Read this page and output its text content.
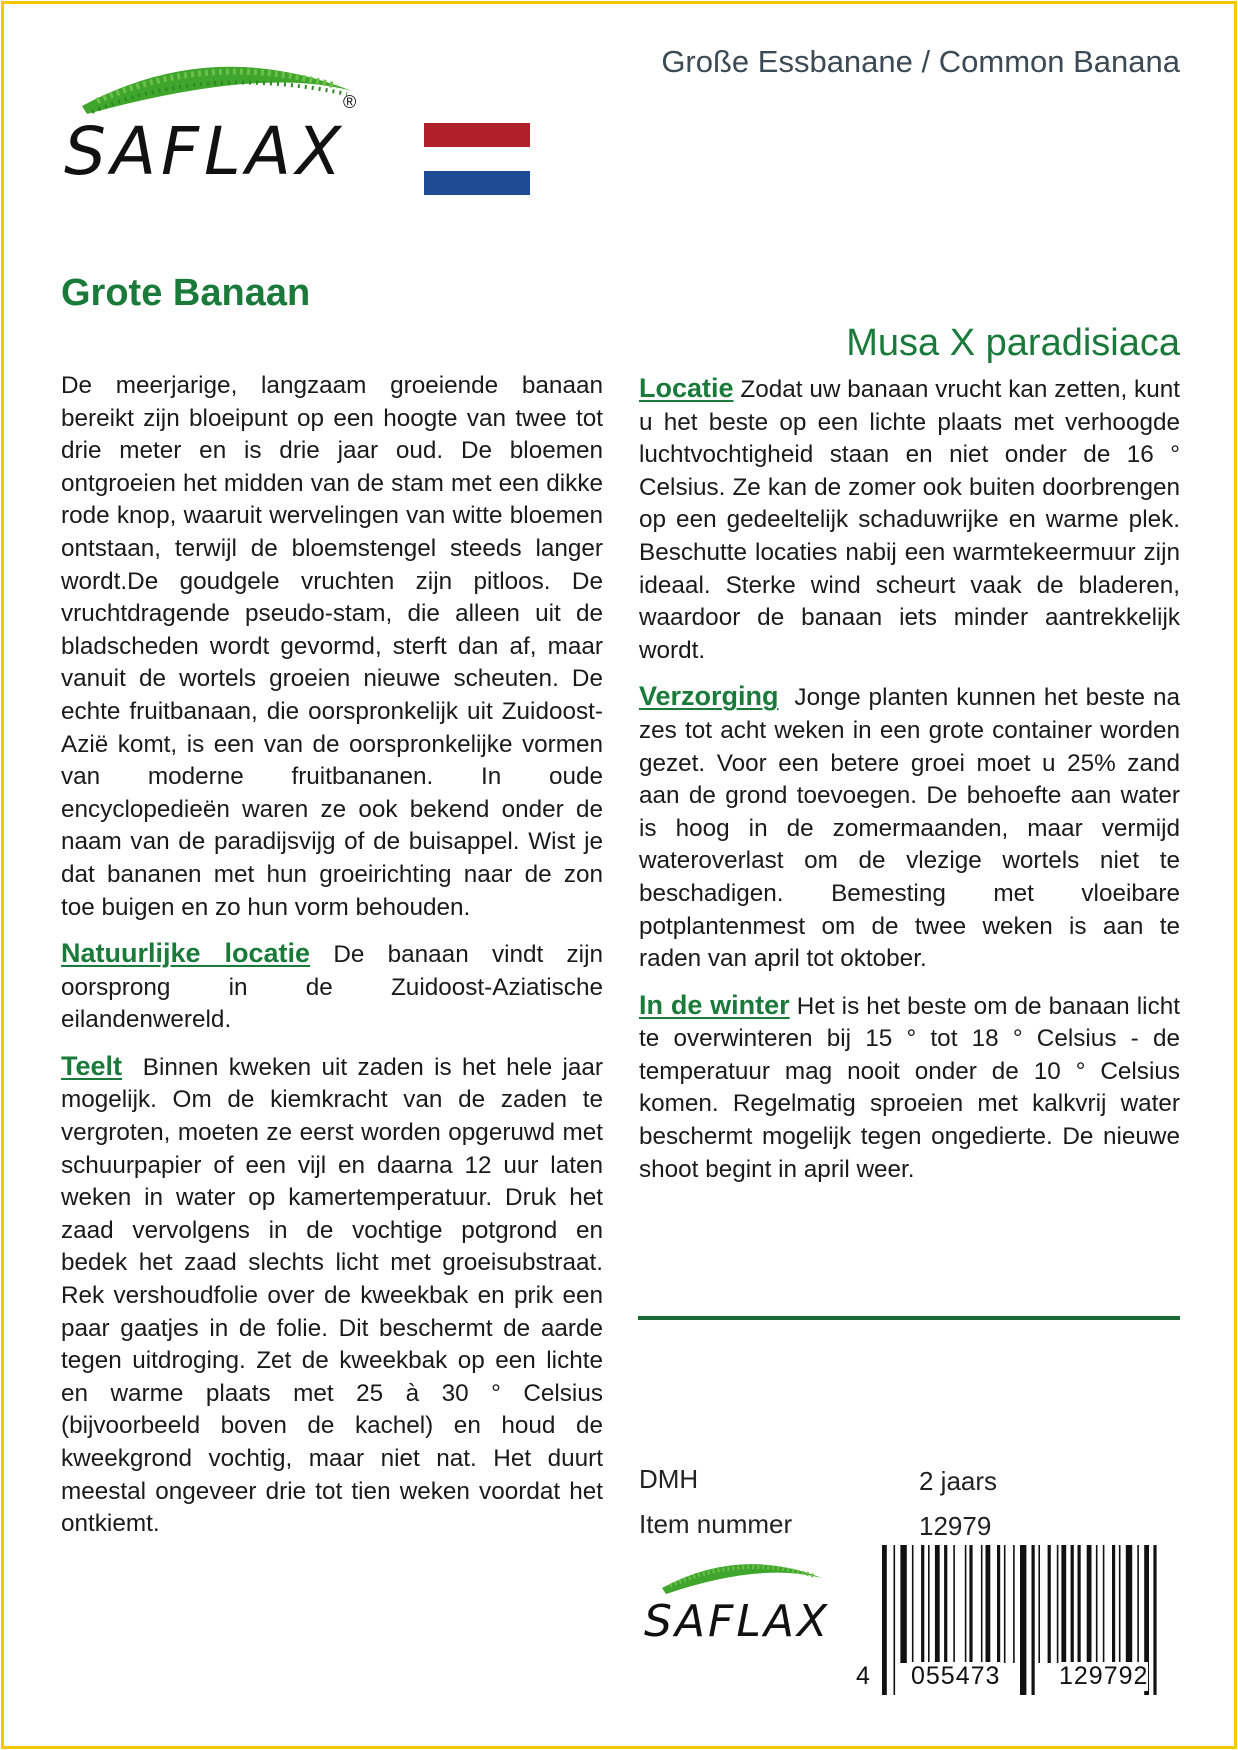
SAFLAX
®
Große Essbanane / Common Banana
Grote Banaan
Musa X paradisiaca

De meerjarige, langzaam groeiende banaan bereikt zijn bloeipunt op een hoogte van twee tot drie meter en is drie jaar oud. De bloemen ontgroeien het midden van de stam met een dikke rode knop, waaruit wervelingen van witte bloemen ontstaan, terwijl de bloemstengel steeds langer wordt.De goudgele vruchten zijn pitloos. De vruchtdragende pseudo-stam, die alleen uit de bladscheden wordt gevormd, sterft dan af, maar vanuit de wortels groeien nieuwe scheuten. De echte fruitbanaan, die oorspronkelijk uit Zuidoost-Azië komt, is een van de oorspronkelijke vormen van moderne fruitbananen. In oude encyclopedieën waren ze ook bekend onder de naam van de paradijsvijg of de buisappel. Wist je dat bananen met hun groeirichting naar de zon toe buigen en zo hun vorm behouden.

Natuurlijke locatie De banaan vindt zijn oorsprong in de Zuidoost-Aziatische eilandenwereld.

Teelt Binnen kweken uit zaden is het hele jaar mogelijk. Om de kiemkracht van de zaden te vergroten, moeten ze eerst worden opgeruwd met schuurpapier of een vijl en daarna 12 uur laten weken in water op kamertemperatuur. Druk het zaad vervolgens in de vochtige potgrond en bedek het zaad slechts licht met groeisubstraat. Rek vershoudfolie over de kweekbak en prik een paar gaatjes in de folie. Dit beschermt de aarde tegen uitdroging. Zet de kweekbak op een lichte en warme plaats met 25 à 30 ° Celsius (bijvoorbeeld boven de kachel) en houd de kweekgrond vochtig, maar niet nat. Het duurt meestal ongeveer drie tot tien weken voordat het ontkiemt.

Locatie Zodat uw banaan vrucht kan zetten, kunt u het beste op een lichte plaats met verhoogde luchtvochtigheid staan en niet onder de 16 ° Celsius. Ze kan de zomer ook buiten doorbrengen op een gedeeltelijk schaduwrijke en warme plek. Beschutte locaties nabij een warmtekeermuur zijn ideaal. Sterke wind scheurt vaak de bladeren, waardoor de banaan iets minder aantrekkelijk wordt.

Verzorging Jonge planten kunnen het beste na zes tot acht weken in een grote container worden gezet. Voor een betere groei moet u 25% zand aan de grond toevoegen. De behoefte aan water is hoog in de zomermaanden, maar vermijd wateroverlast om de vlezige wortels niet te beschadigen. Bemesting met vloeibare potplantenmest om de twee weken is aan te raden van april tot oktober.

In de winter Het is het beste om de banaan licht te overwinteren bij 15 ° tot 18 ° Celsius - de temperatuur mag nooit onder de 10 ° Celsius komen. Regelmatig sproeien met kalkvrij water beschermt mogelijk tegen ongedierte. De nieuwe shoot begint in april weer.

DMH	2 jaars
Item nummer	12979
SAFLAX
4 055473 129792
